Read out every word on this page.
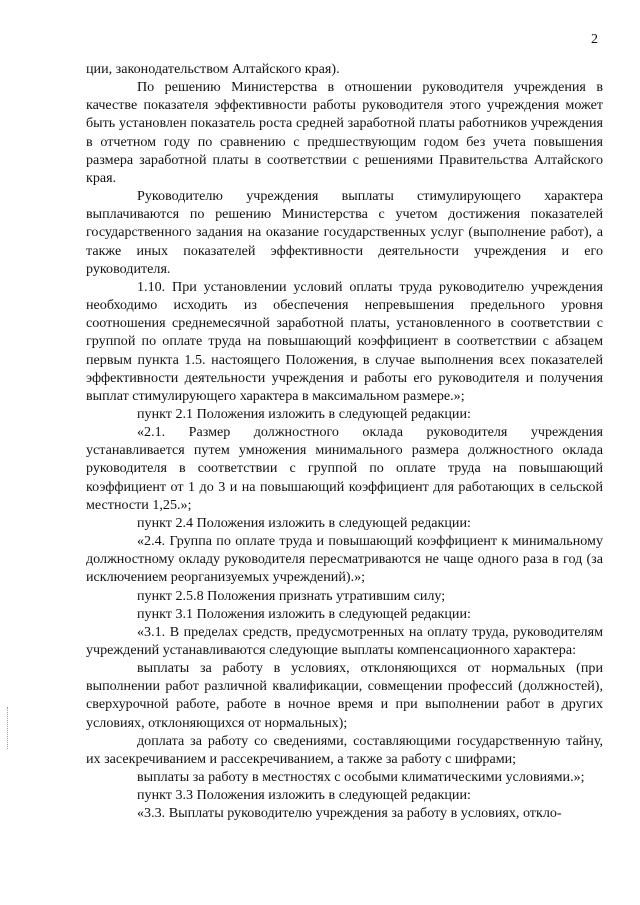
2

ции, законодательством Алтайского края).

По решению Министерства в отношении руководителя учреждения в качестве показателя эффективности работы руководителя этого учреждения может быть установлен показатель роста средней заработной платы работников учреждения в отчетном году по сравнению с предшествующим годом без учета повышения размера заработной платы в соответствии с решениями Правительства Алтайского края.

Руководителю учреждения выплаты стимулирующего характера выплачиваются по решению Министерства с учетом достижения показателей государственного задания на оказание государственных услуг (выполнение работ), а также иных показателей эффективности деятельности учреждения и его руководителя.

1.10. При установлении условий оплаты труда руководителю учреждения необходимо исходить из обеспечения непревышения предельного уровня соотношения среднемесячной заработной платы, установленного в соответствии с группой по оплате труда на повышающий коэффициент в соответствии с абзацем первым пункта 1.5. настоящего Положения, в случае выполнения всех показателей эффективности деятельности учреждения и работы его руководителя и получения выплат стимулирующего характера в максимальном размере.»;

пункт 2.1 Положения изложить в следующей редакции:

«2.1. Размер должностного оклада руководителя учреждения устанавливается путем умножения минимального размера должностного оклада руководителя в соответствии с группой по оплате труда на повышающий коэффициент от 1 до 3 и на повышающий коэффициент для работающих в сельской местности 1,25.»;

пункт 2.4 Положения изложить в следующей редакции:

«2.4. Группа по оплате труда и повышающий коэффициент к минимальному должностному окладу руководителя пересматриваются не чаще одного раза в год (за исключением реорганизуемых учреждений).»;

пункт 2.5.8 Положения признать утратившим силу;

пункт 3.1 Положения изложить в следующей редакции:

«3.1. В пределах средств, предусмотренных на оплату труда, руководителям учреждений устанавливаются следующие выплаты компенсационного характера:

выплаты за работу в условиях, отклоняющихся от нормальных (при выполнении работ различной квалификации, совмещении профессий (должностей), сверхурочной работе, работе в ночное время и при выполнении работ в других условиях, отклоняющихся от нормальных);

доплата за работу со сведениями, составляющими государственную тайну, их засекречиванием и рассекречиванием, а также за работу с шифрами;

выплаты за работу в местностях с особыми климатическими условиями.»;

пункт 3.3 Положения изложить в следующей редакции:

«3.3. Выплаты руководителю учреждения за работу в условиях, откло-
